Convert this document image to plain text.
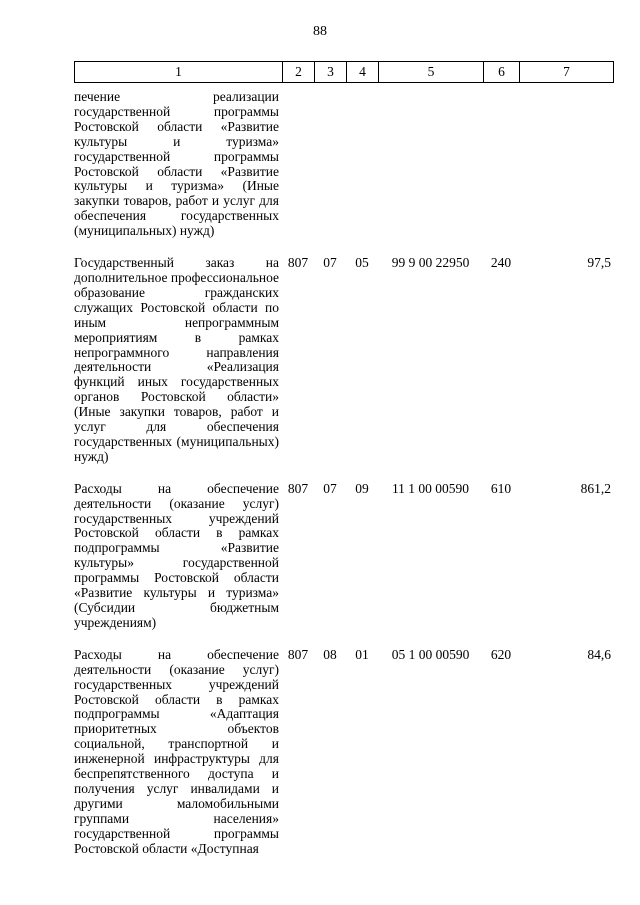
88
1	2	3	4	5	6	7
печение реализации государственной программы Ростовской области «Развитие культуры и туризма» государственной программы Ростовской области «Развитие культуры и туризма» (Иные закупки товаров, работ и услуг для обеспечения государственных (муниципальных) нужд)						

Государственный заказ на дополнительное профессиональное образование гражданских служащих Ростовской области по иным непрограммным мероприятиям в рамках непрограммного направления деятельности «Реализация функций иных государственных органов Ростовской области» (Иные закупки товаров, работ и услуг для обеспечения государственных (муниципальных) нужд)	807	07	05	99 9 00 22950	240	97,5

Расходы на обеспечение деятельности (оказание услуг) государственных учреждений Ростовской области в рамках подпрограммы «Развитие культуры» государственной программы Ростовской области «Развитие культуры и туризма» (Субсидии бюджетным учреждениям)	807	07	09	11 1 00 00590	610	861,2

Расходы на обеспечение деятельности (оказание услуг) государственных учреждений Ростовской области в рамках подпрограммы «Адаптация приоритетных объектов социальной, транспортной и инженерной инфраструктуры для беспрепятственного доступа и получения услуг инвалидами и другими маломобильными группами населения» государственной программы Ростовской области «Доступная	807	08	01	05 1 00 00590	620	84,6
